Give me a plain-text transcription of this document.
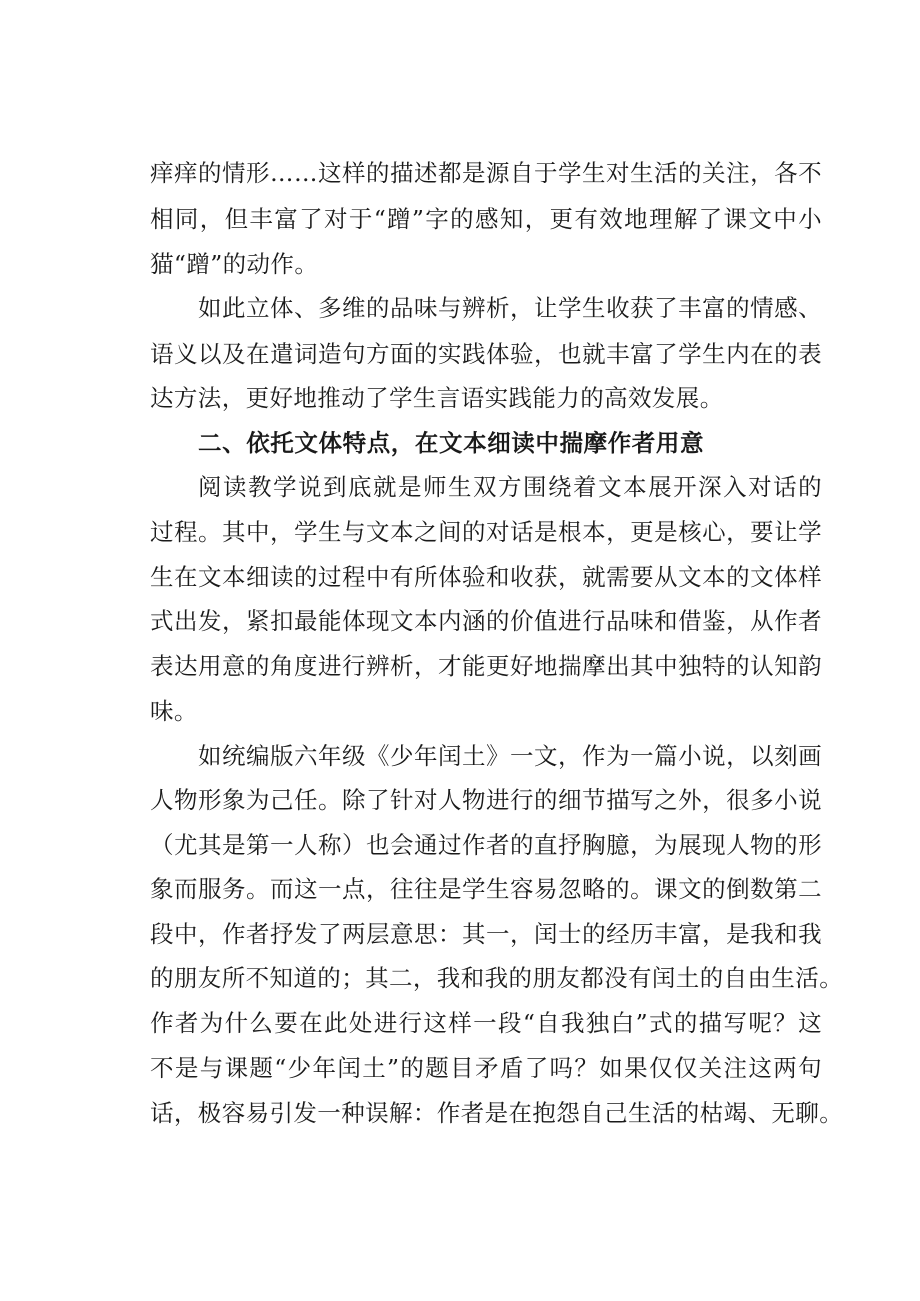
痒痒的情形……这样的描述都是源自于学生对生活的关注，各不
相同，但丰富了对于“蹭”字的感知，更有效地理解了课文中小
猫“蹭”的动作。
如此立体、多维的品味与辨析，让学生收获了丰富的情感、
语义以及在遣词造句方面的实践体验，也就丰富了学生内在的表
达方法，更好地推动了学生言语实践能力的高效发展。
二、依托文体特点，在文本细读中揣摩作者用意
阅读教学说到底就是师生双方围绕着文本展开深入对话的
过程。其中，学生与文本之间的对话是根本，更是核心，要让学
生在文本细读的过程中有所体验和收获，就需要从文本的文体样
式出发，紧扣最能体现文本内涵的价值进行品味和借鉴，从作者
表达用意的角度进行辨析，才能更好地揣摩出其中独特的认知韵
味。
如统编版六年级《少年闰土》一文，作为一篇小说，以刻画
人物形象为己任。除了针对人物进行的细节描写之外，很多小说
（尤其是第一人称）也会通过作者的直抒胸臆，为展现人物的形
象而服务。而这一点，往往是学生容易忽略的。课文的倒数第二
段中，作者抒发了两层意思：其一，闰士的经历丰富，是我和我
的朋友所不知道的；其二，我和我的朋友都没有闰土的自由生活。
作者为什么要在此处进行这样一段“自我独白”式的描写呢？这
不是与课题“少年闰土”的题目矛盾了吗？如果仅仅关注这两句
话，极容易引发一种误解：作者是在抱怨自己生活的枯竭、无聊。
